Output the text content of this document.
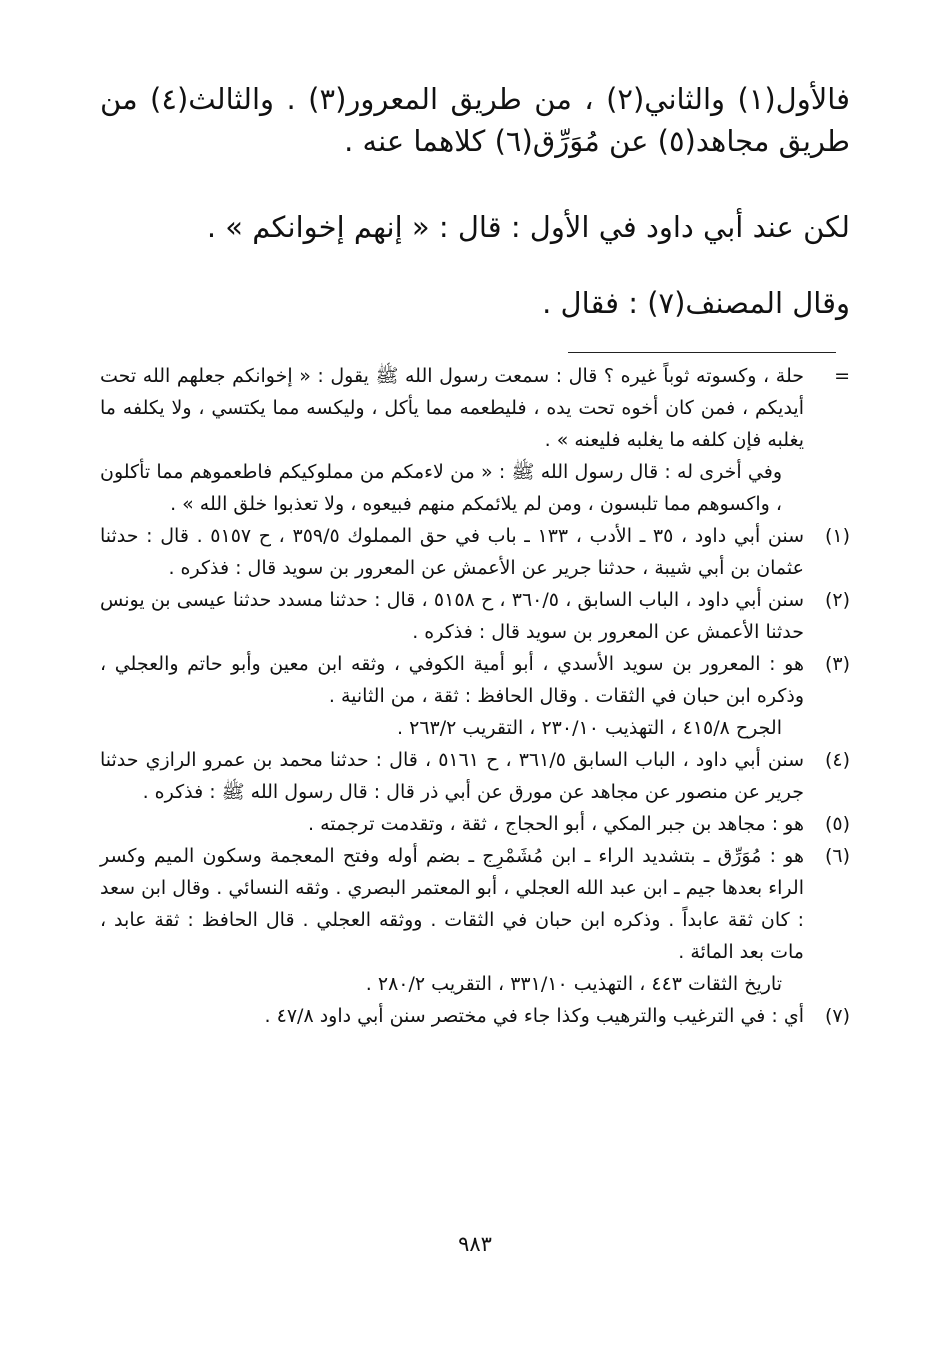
فالأول(١) والثاني(٢) ، من طريق المعرور(٣) . والثالث(٤) من طريق مجاهد(٥) عن مُوَرِّق(٦) كلاهما عنه .

لكن عند أبي داود في الأول : قال : « إنهم إخوانكم » .

وقال المصنف(٧) : فقال .

=
حلة ، وكسوته ثوباً غيره ؟ قال : سمعت رسول الله ﷺ يقول : « إخوانكم جعلهم الله تحت أيديكم ، فمن كان أخوه تحت يده ، فليطعمه مما يأكل ، وليكسه مما يكتسي ، ولا يكلفه ما يغلبه فإن كلفه ما يغلبه فليعنه » .
وفي أخرى له : قال رسول الله ﷺ : « من لاءمكم من مملوكيكم فاطعموهم مما تأكلون ، واكسوهم مما تلبسون ، ومن لم يلائمكم منهم فبيعوه ، ولا تعذبوا خلق الله » .
(١)
سنن أبي داود ، ٣٥ ـ الأدب ، ١٣٣ ـ باب في حق المملوك ٣٥٩/٥ ، ح ٥١٥٧ . قال : حدثنا عثمان بن أبي شيبة ، حدثنا جرير عن الأعمش عن المعرور بن سويد قال : فذكره .
(٢)
سنن أبي داود ، الباب السابق ، ٣٦٠/٥ ، ح ٥١٥٨ ، قال : حدثنا مسدد حدثنا عيسى بن يونس حدثنا الأعمش عن المعرور بن سويد قال : فذكره .
(٣)
هو : المعرور بن سويد الأسدي ، أبو أمية الكوفي ، وثقه ابن معين وأبو حاتم والعجلي ، وذكره ابن حبان في الثقات . وقال الحافظ : ثقة ، من الثانية .
الجرح ٤١٥/٨ ، التهذيب ٢٣٠/١٠ ، التقريب ٢٦٣/٢ .
(٤)
سنن أبي داود ، الباب السابق ٣٦١/٥ ، ح ٥١٦١ ، قال : حدثنا محمد بن عمرو الرازي حدثنا جرير عن منصور عن مجاهد عن مورق عن أبي ذر قال : قال رسول الله ﷺ : فذكره .
(٥)
هو : مجاهد بن جبر المكي ، أبو الحجاج ، ثقة ، وتقدمت ترجمته .
(٦)
هو : مُوَرِّق ـ بتشديد الراء ـ ابن مُشَمْرِج ـ بضم أوله وفتح المعجمة وسكون الميم وكسر الراء بعدها جيم ـ ابن عبد الله العجلي ، أبو المعتمر البصري . وثقه النسائي . وقال ابن سعد : كان ثقة عابداً . وذكره ابن حبان في الثقات . ووثقه العجلي . قال الحافظ : ثقة عابد ، مات بعد المائة .
تاريخ الثقات ٤٤٣ ، التهذيب ٣٣١/١٠ ، التقريب ٢٨٠/٢ .
(٧)
أي : في الترغيب والترهيب وكذا جاء في مختصر سنن أبي داود ٤٧/٨ .
٩٨٣
